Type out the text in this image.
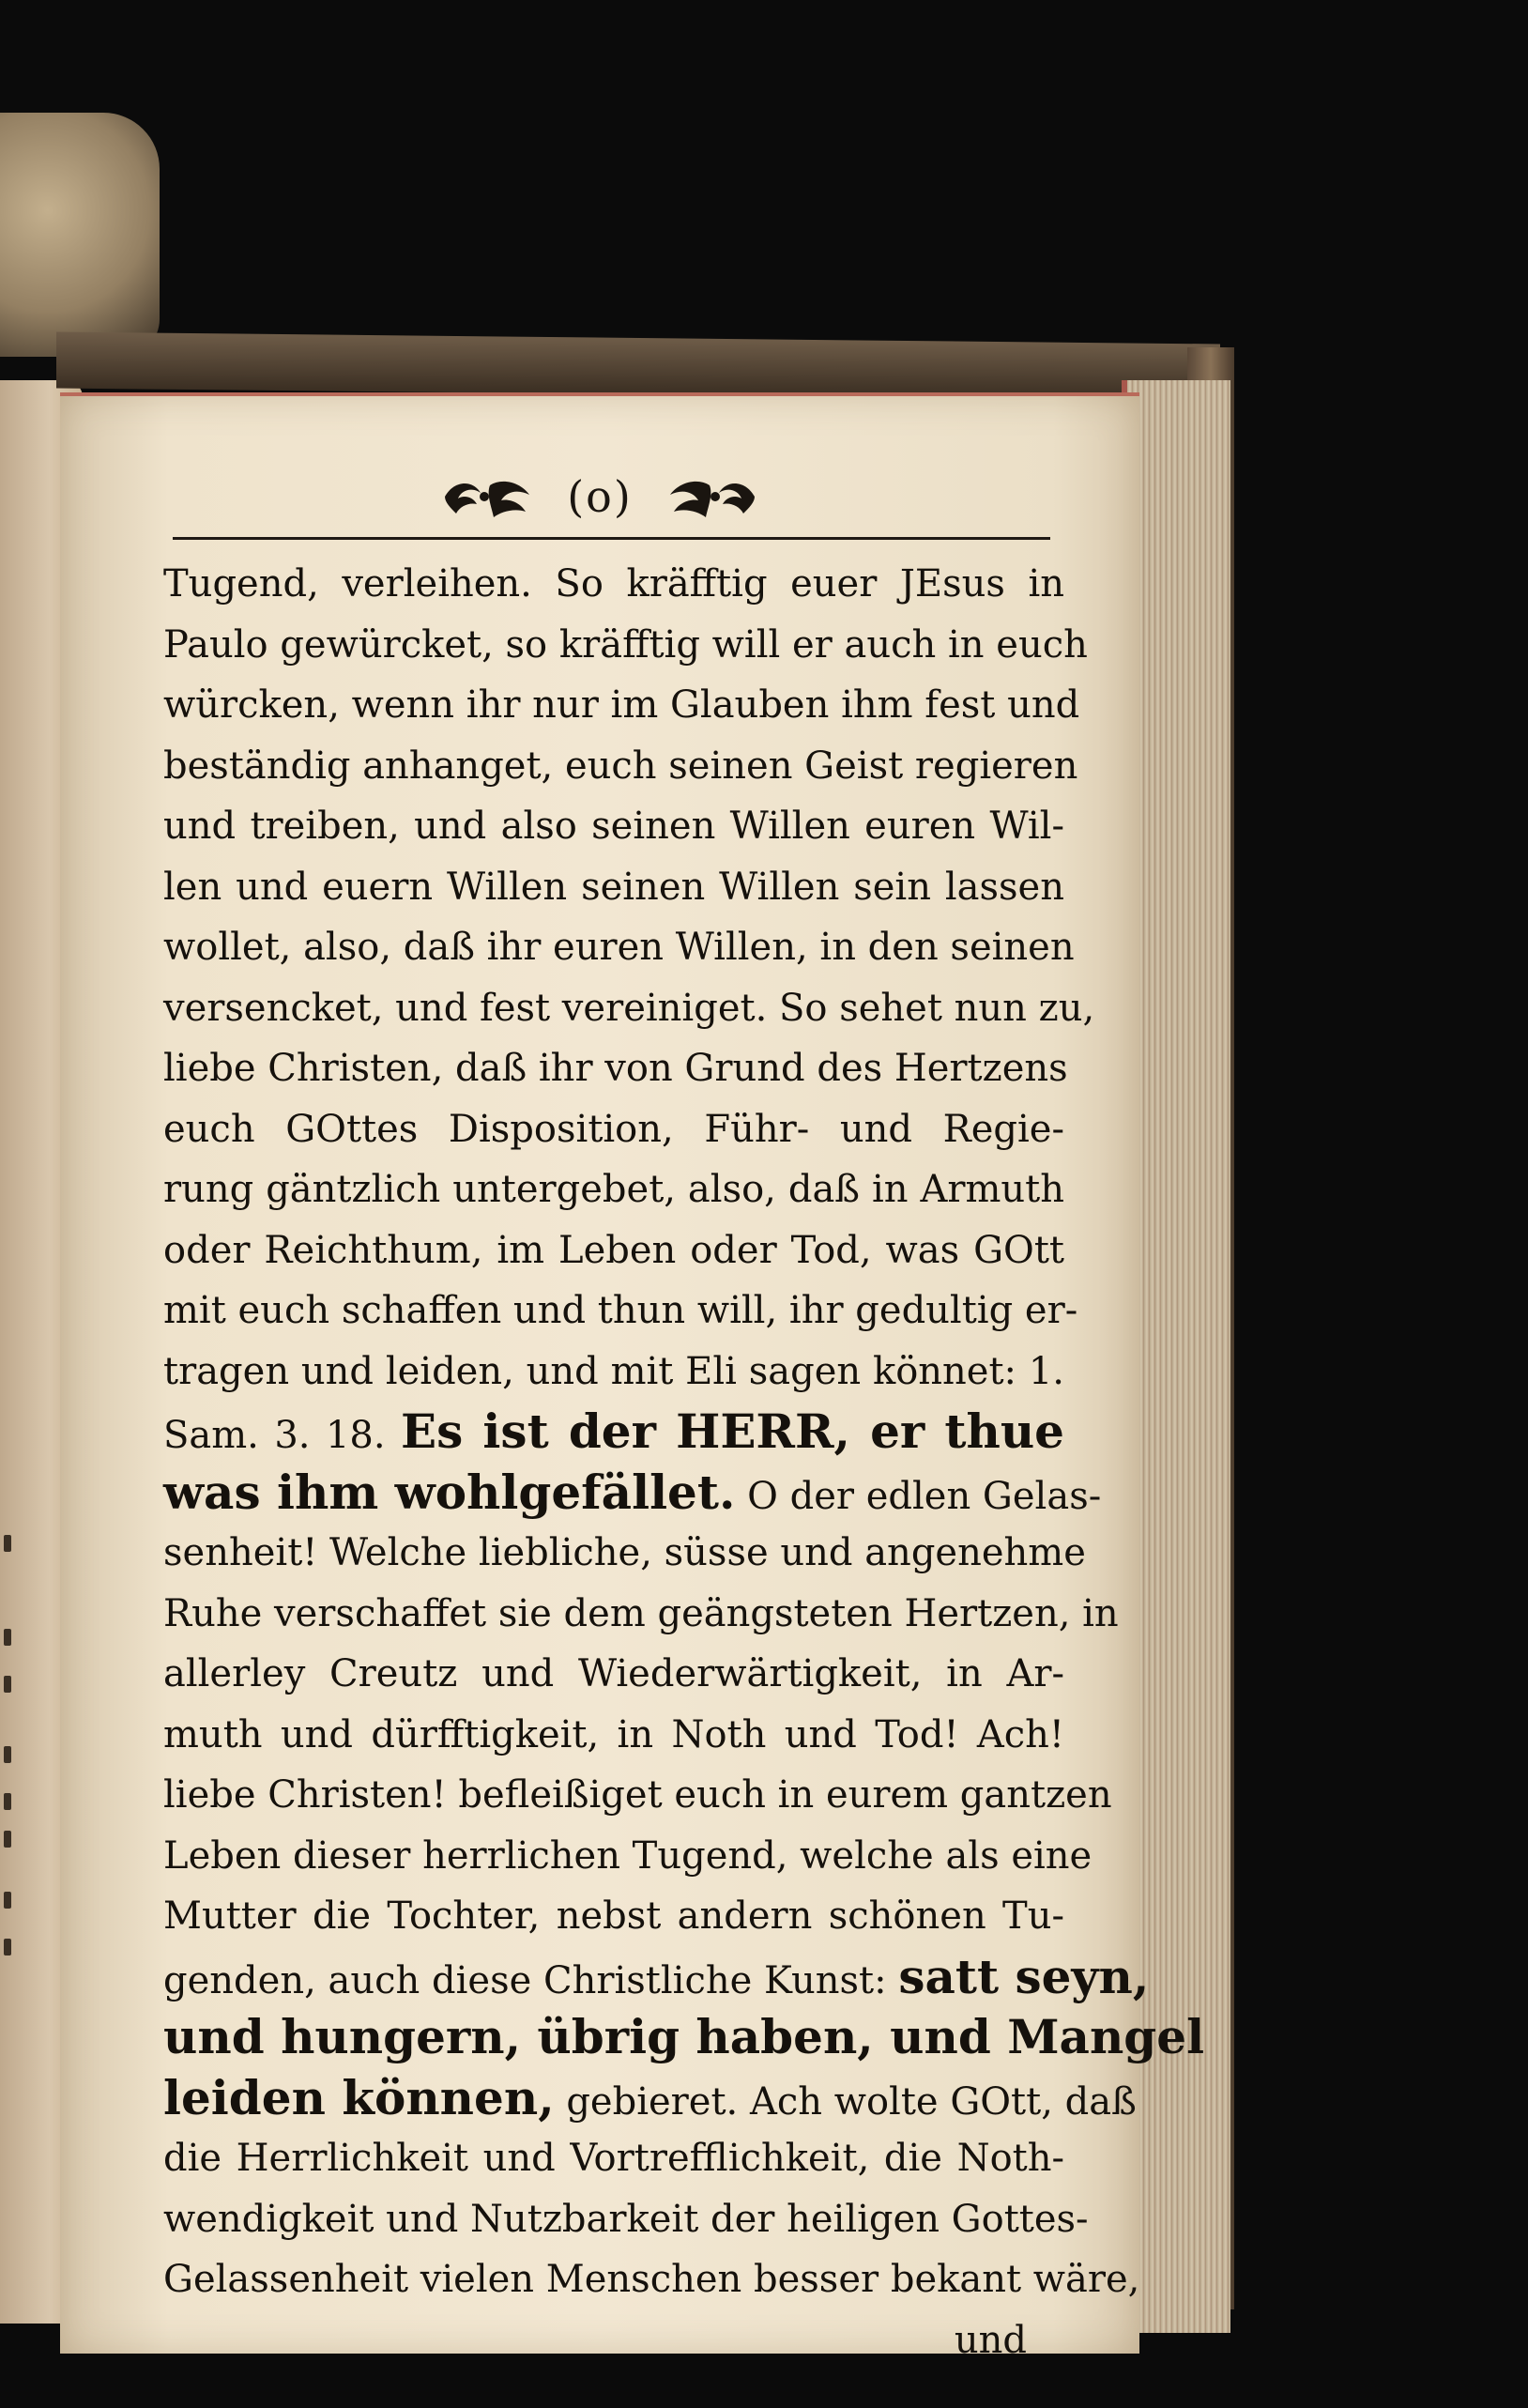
(o)
Tugend, verleihen. So kräfftig euer JEsus in
Paulo gewürcket, so kräfftig will er auch in euch
würcken, wenn ihr nur im Glauben ihm fest und
beständig anhanget, euch seinen Geist regieren
und treiben, und also seinen Willen euren Wil-
len und euern Willen seinen Willen sein lassen
wollet, also, daß ihr euren Willen, in den seinen
versencket, und fest vereiniget. So sehet nun zu,
liebe Christen, daß ihr von Grund des Hertzens
euch GOttes Disposition, Führ- und Regie-
rung gäntzlich untergebet, also, daß in Armuth
oder Reichthum, im Leben oder Tod, was GOtt
mit euch schaffen und thun will, ihr gedultig er-
tragen und leiden, und mit Eli sagen könnet: 1.
Sam. 3. 18. Es ist der HERR, er thue
was ihm wohlgefället. O der edlen Gelas-
senheit! Welche liebliche, süsse und angenehme
Ruhe verschaffet sie dem geängsteten Hertzen, in
allerley Creutz und Wiederwärtigkeit, in Ar-
muth und dürfftigkeit, in Noth und Tod! Ach!
liebe Christen! befleißiget euch in eurem gantzen
Leben dieser herrlichen Tugend, welche als eine
Mutter die Tochter, nebst andern schönen Tu-
genden, auch diese Christliche Kunst: satt seyn,
und hungern, übrig haben, und Mangel
leiden können, gebieret. Ach wolte GOtt, daß
die Herrlichkeit und Vortrefflichkeit, die Noth-
wendigkeit und Nutzbarkeit der heiligen Gottes-
Gelassenheit vielen Menschen besser bekant wäre,
und
